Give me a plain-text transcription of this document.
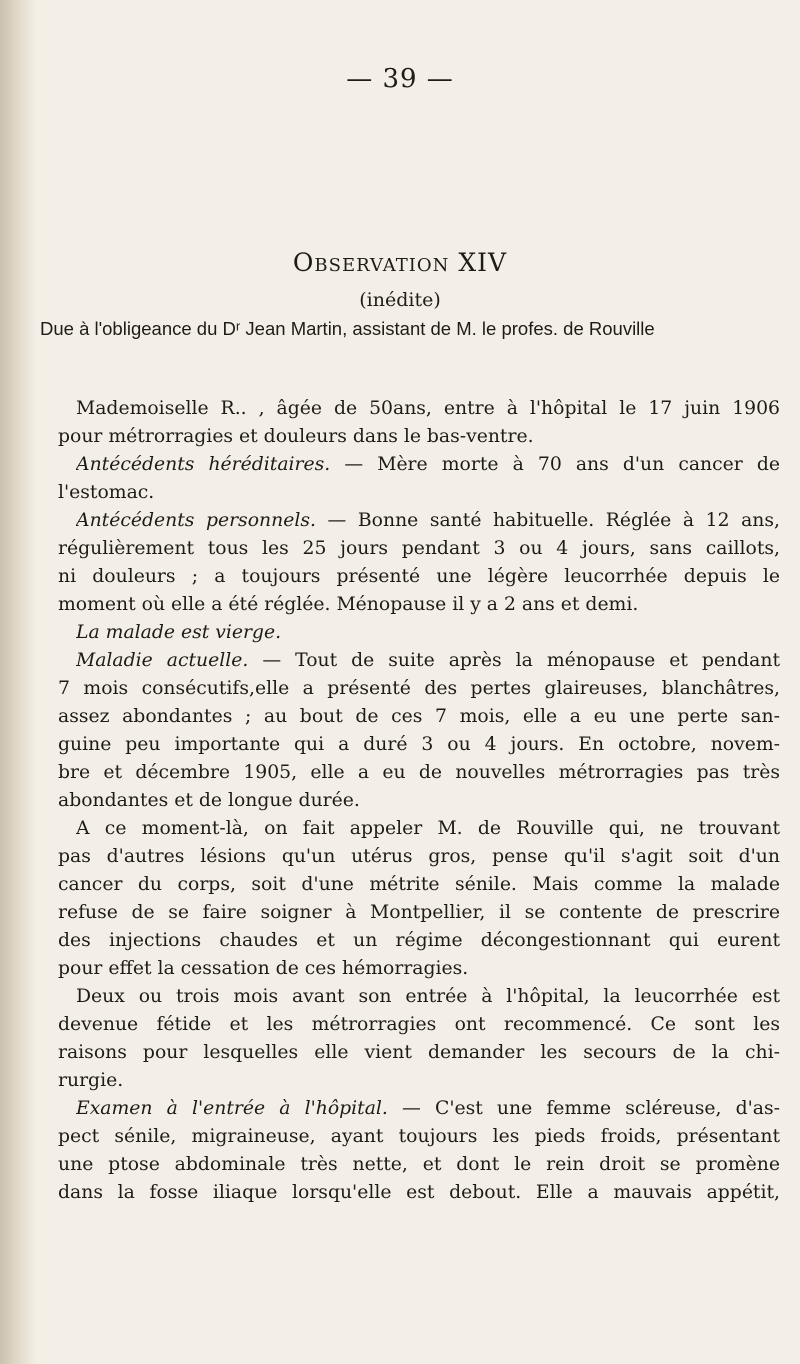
— 39 —
Observation XIV
(inédite)
Due à l'obligeance du Dʳ Jean Martin, assistant de M. le profes. de Rouville
Mademoiselle R.. , âgée de 50ans, entre à l'hôpital le 17 juin 1906
pour métrorragies et douleurs dans le bas-ventre.
Antécédents héréditaires. — Mère morte à 70 ans d'un cancer de
l'estomac.
Antécédents personnels. — Bonne santé habituelle. Réglée à 12 ans,
régulièrement tous les 25 jours pendant 3 ou 4 jours, sans caillots,
ni douleurs ; a toujours présenté une légère leucorrhée depuis le
moment où elle a été réglée. Ménopause il y a 2 ans et demi.
La malade est vierge.
Maladie actuelle. — Tout de suite après la ménopause et pendant
7 mois consécutifs,elle a présenté des pertes glaireuses, blanchâtres,
assez abondantes ; au bout de ces 7 mois, elle a eu une perte san-
guine peu importante qui a duré 3 ou 4 jours. En octobre, novem-
bre et décembre 1905, elle a eu de nouvelles métrorragies pas très
abondantes et de longue durée.
A ce moment-là, on fait appeler M. de Rouville qui, ne trouvant
pas d'autres lésions qu'un utérus gros, pense qu'il s'agit soit d'un
cancer du corps, soit d'une métrite sénile. Mais comme la malade
refuse de se faire soigner à Montpellier, il se contente de prescrire
des injections chaudes et un régime décongestionnant qui eurent
pour effet la cessation de ces hémorragies.
Deux ou trois mois avant son entrée à l'hôpital, la leucorrhée est
devenue fétide et les métrorragies ont recommencé. Ce sont les
raisons pour lesquelles elle vient demander les secours de la chi-
rurgie.
Examen à l'entrée à l'hôpital. — C'est une femme scléreuse, d'as-
pect sénile, migraineuse, ayant toujours les pieds froids, présentant
une ptose abdominale très nette, et dont le rein droit se promène
dans la fosse iliaque lorsqu'elle est debout. Elle a mauvais appétit,
